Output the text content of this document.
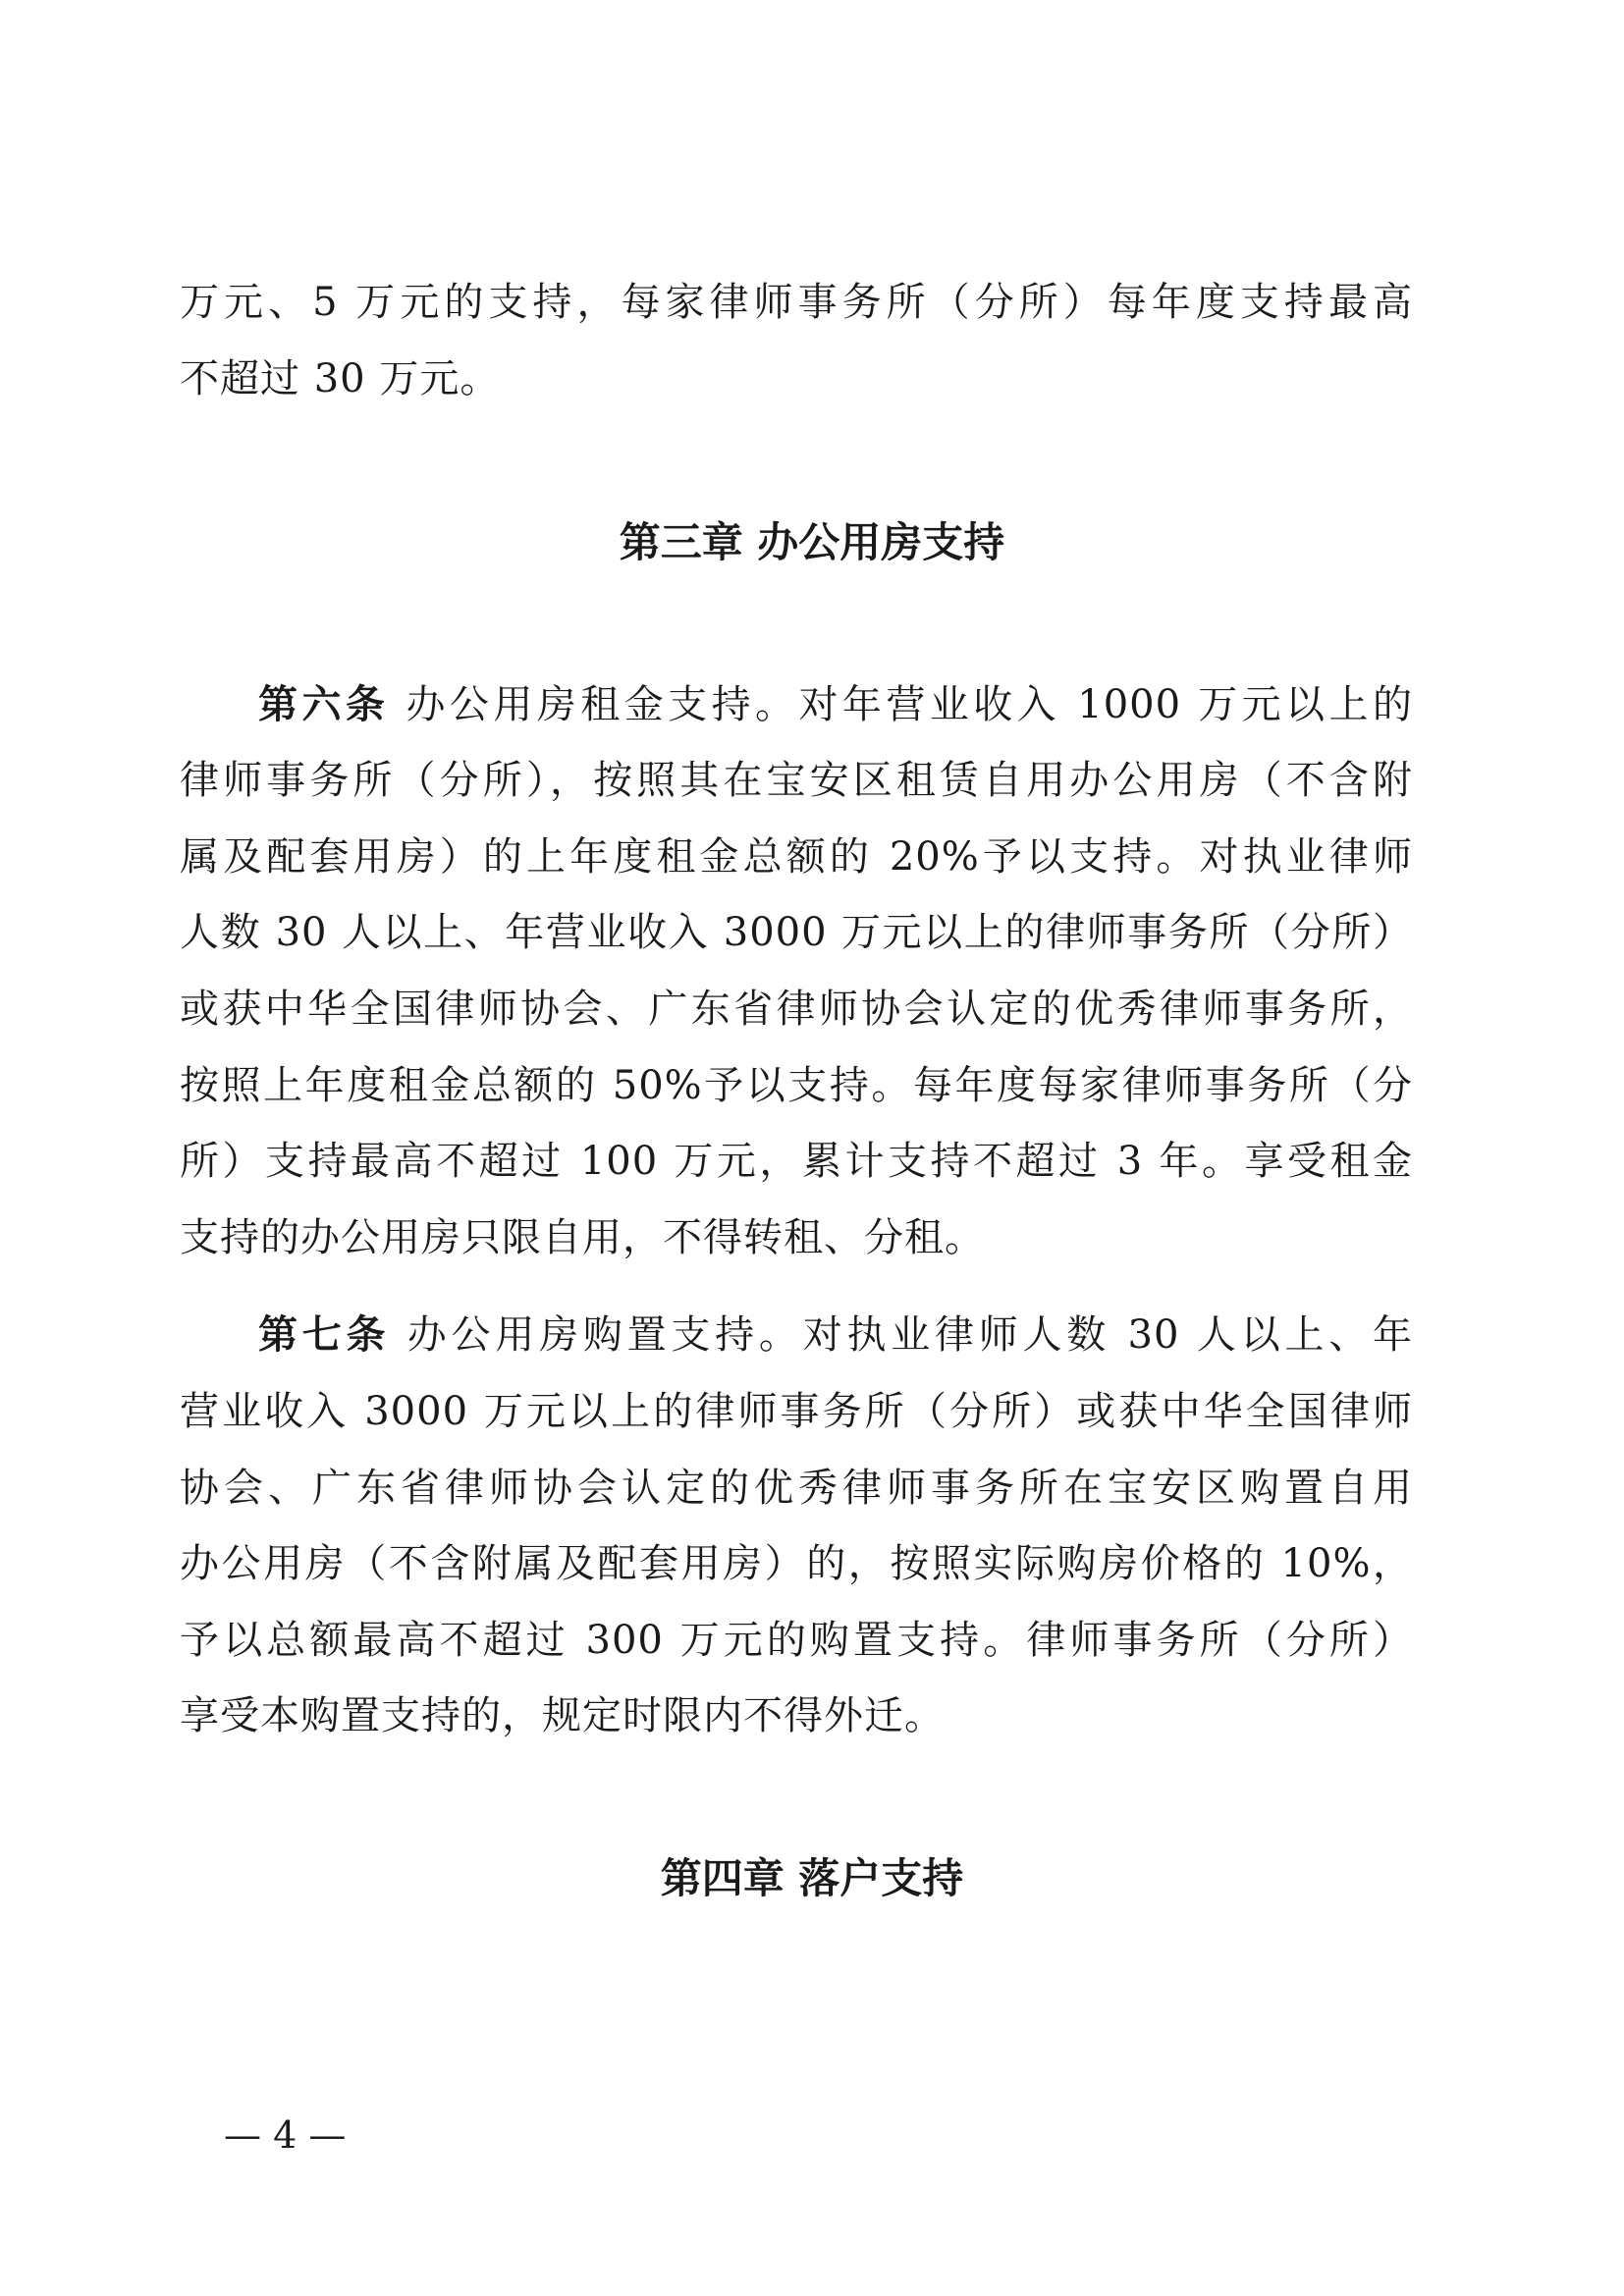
万元、5 万元的支持，每家律师事务所（分所）每年度支持最高
不超过 30 万元。
第三章 办公用房支持
第六条 办公用房租金支持。对年营业收入 1000 万元以上的
律师事务所（分所），按照其在宝安区租赁自用办公用房（不含附
属及配套用房）的上年度租金总额的 20%予以支持。对执业律师
人数 30 人以上、年营业收入 3000 万元以上的律师事务所（分所）
或获中华全国律师协会、广东省律师协会认定的优秀律师事务所，
按照上年度租金总额的 50%予以支持。每年度每家律师事务所（分
所）支持最高不超过 100 万元，累计支持不超过 3 年。享受租金
支持的办公用房只限自用，不得转租、分租。
第七条 办公用房购置支持。对执业律师人数 30 人以上、年
营业收入 3000 万元以上的律师事务所（分所）或获中华全国律师
协会、广东省律师协会认定的优秀律师事务所在宝安区购置自用
办公用房（不含附属及配套用房）的，按照实际购房价格的 10%，
予以总额最高不超过 300 万元的购置支持。律师事务所（分所）
享受本购置支持的，规定时限内不得外迁。
第四章 落户支持
— 4 —
